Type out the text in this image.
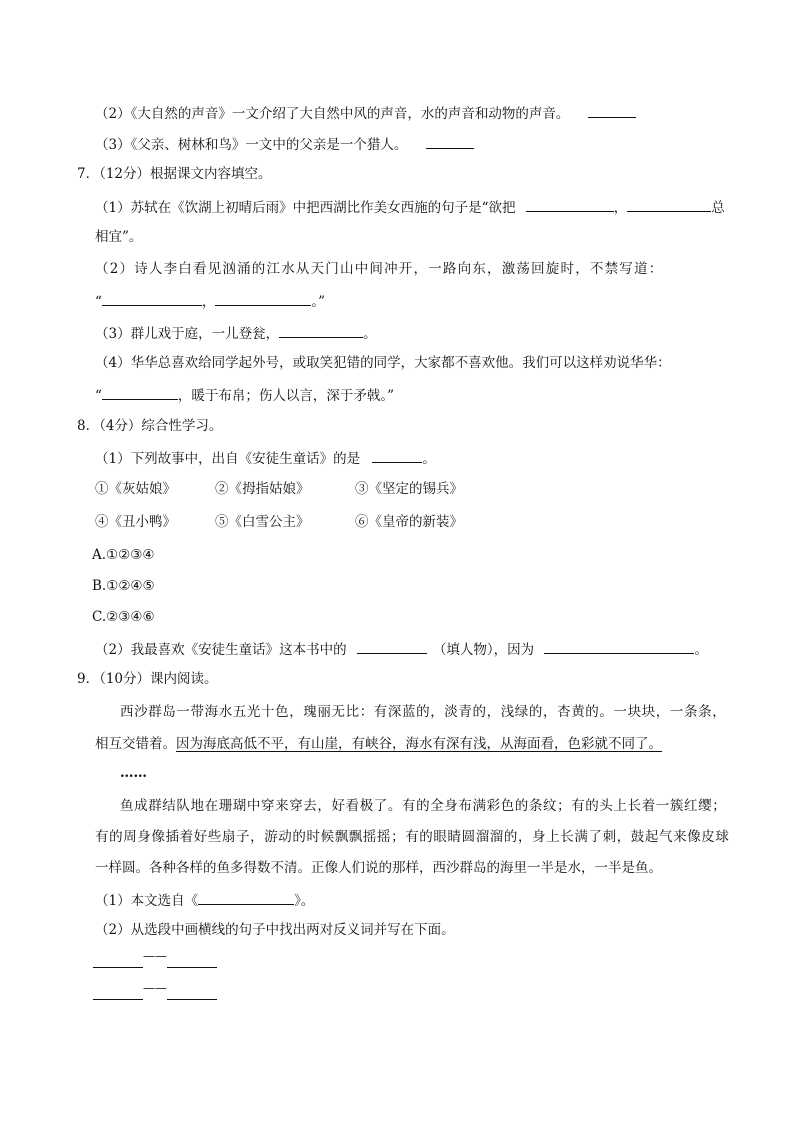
（2）《大自然的声音》一文介绍了大自然中风的声音，水的声音和动物的声音。
（3）《父亲、树林和鸟》一文中的父亲是一个猎人。
7．（12分）根据课文内容填空。
（1）苏轼在《饮湖上初晴后雨》中把西湖比作美女西施的句子是“欲把	，	总
相宜”。
（2）诗人李白看见汹涌的江水从天门山中间冲开，一路向东，激荡回旋时，不禁写道：
“	，	。”
（3）群儿戏于庭，一儿登瓮，	。
（4）华华总喜欢给同学起外号，或取笑犯错的同学，大家都不喜欢他。我们可以这样劝说华华：
“	，暖于布帛；伤人以言，深于矛戟。”
8．（4分）综合性学习。
（1）下列故事中，出自《安徒生童话》的是	。
①《灰姑娘》	②《拇指姑娘》	③《坚定的锡兵》
④《丑小鸭》	⑤《白雪公主》	⑥《皇帝的新装》
A.①②③④
B.①②④⑤
C.②③④⑥
（2）我最喜欢《安徒生童话》这本书中的	（填人物），因为	。
9．（10分）课内阅读。
西沙群岛一带海水五光十色，瑰丽无比：有深蓝的，淡青的，浅绿的，杏黄的。一块块，一条条，
相互交错着。因为海底高低不平，有山崖，有峡谷，海水有深有浅，从海面看，色彩就不同了。
……
鱼成群结队地在珊瑚中穿来穿去，好看极了。有的全身布满彩色的条纹；有的头上长着一簇红缨；
有的周身像插着好些扇子，游动的时候飘飘摇摇；有的眼睛圆溜溜的，身上长满了刺，鼓起气来像皮球
一样圆。各种各样的鱼多得数不清。正像人们说的那样，西沙群岛的海里一半是水，一半是鱼。
（1）本文选自《	》。
（2）从选段中画横线的句子中找出两对反义词并写在下面。
——
——
